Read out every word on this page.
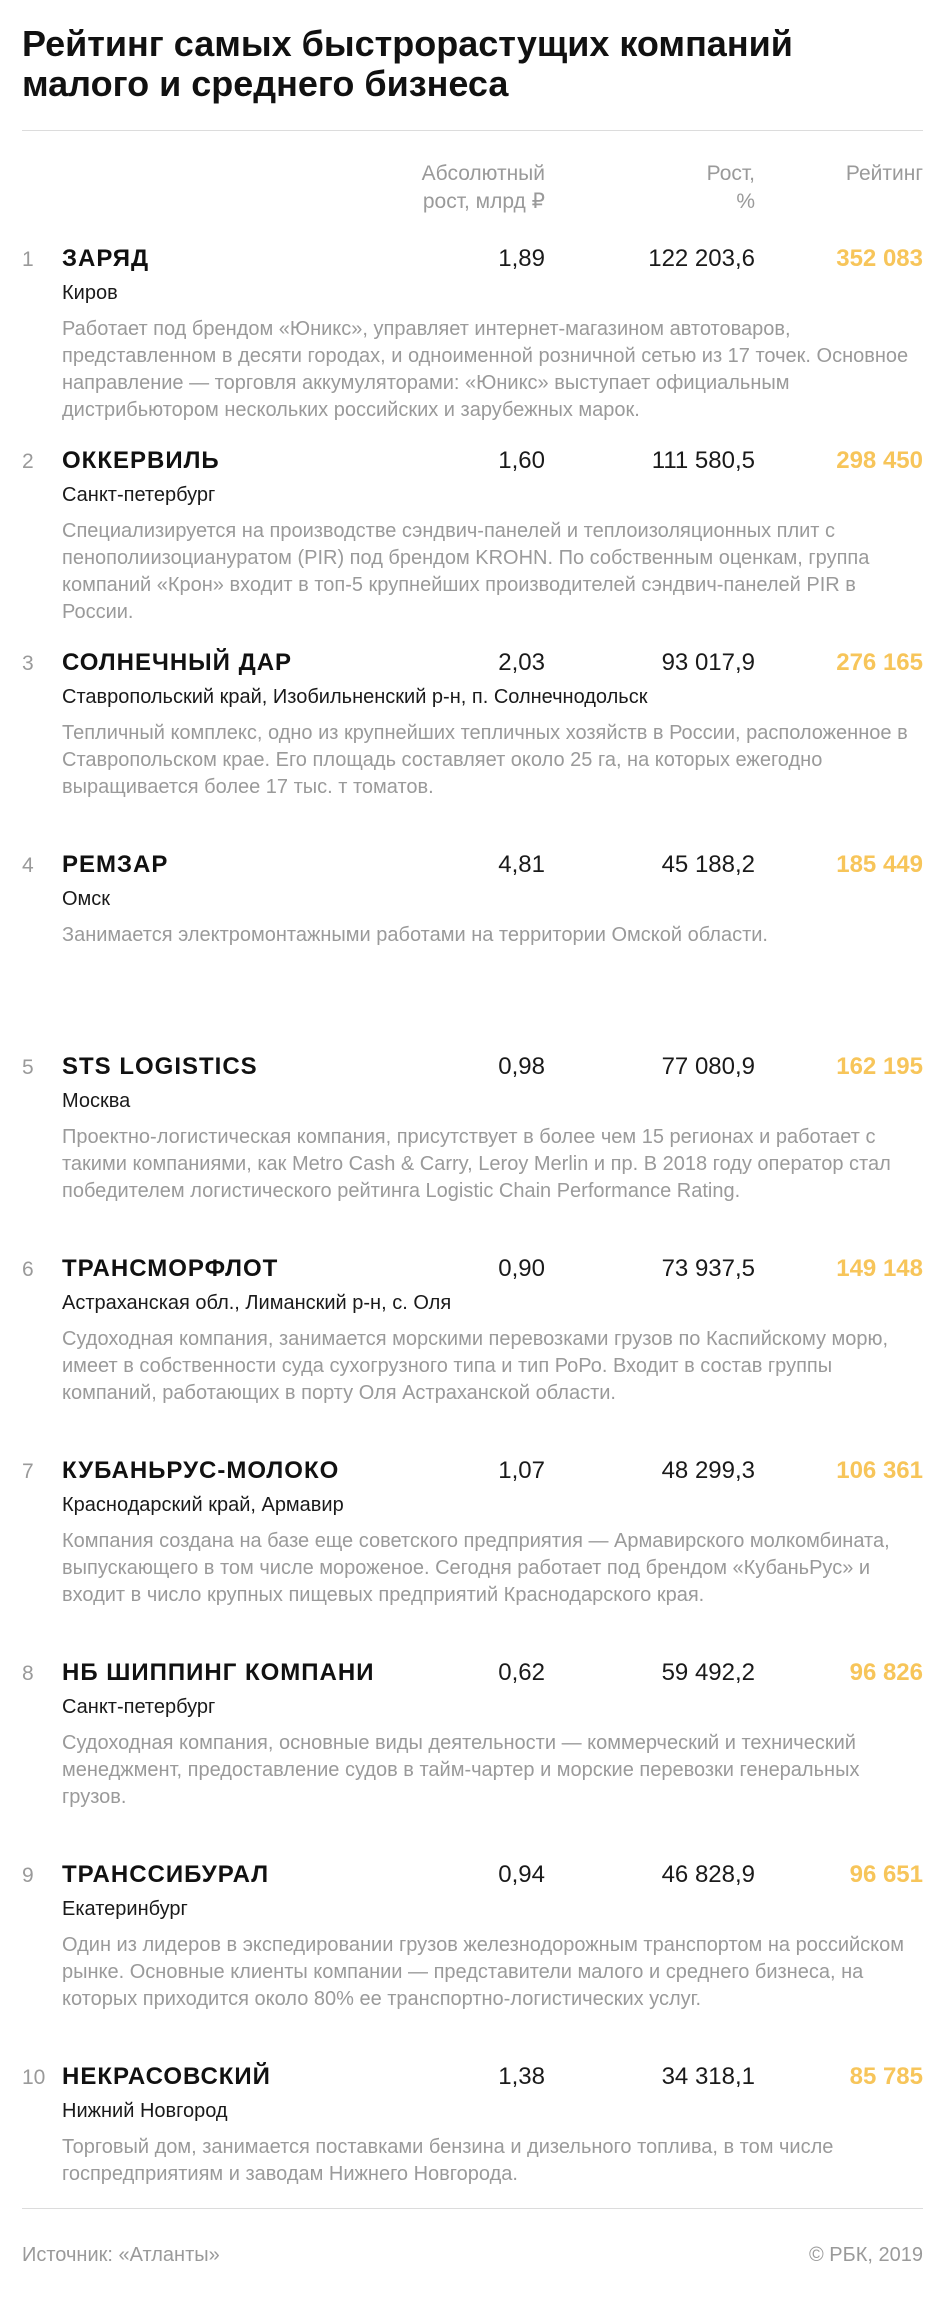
Рейтинг самых быстрорастущих компаний малого и среднего бизнеса
Абсолютный
рост, млрд ₽
Рост,
%
Рейтинг
1 ЗАРЯД	1,89	122 203,6	352 083
Киров
Работает под брендом «Юникс», управляет интернет-магазином автотоваров, представленном в десяти городах, и одноименной розничной сетью из 17 точек. Основное направление — торговля аккумуляторами: «Юникс» выступает официальным дистрибьютором нескольких российских и зарубежных марок.
2 ОККЕРВИЛЬ	1,60	111 580,5	298 450
Санкт-петербург
Специализируется на производстве сэндвич-панелей и теплоизоляционных плит с пенополиизоциануратом (PIR) под брендом KROHN. По собственным оценкам, группа компаний «Крон» входит в топ-5 крупнейших производителей сэндвич-панелей PIR в России.
3 СОЛНЕЧНЫЙ ДАР	2,03	93 017,9	276 165
Ставропольский край, Изобильненский р-н, п. Солнечнодольск
Тепличный комплекс, одно из крупнейших тепличных хозяйств в России, расположенное в Ставропольском крае. Его площадь составляет около 25 га, на которых ежегодно выращивается более 17 тыс. т томатов.
4 РЕМЗАР	4,81	45 188,2	185 449
Омск
Занимается электромонтажными работами на территории Омской области.
5 STS LOGISTICS	0,98	77 080,9	162 195
Москва
Проектно-логистическая компания, присутствует в более чем 15 регионах и работает с такими компаниями, как Metro Cash & Carry, Leroy Merlin и пр. В 2018 году оператор стал победителем логистического рейтинга Logistic Chain Performance Rating.
6 ТРАНСМОРФЛОТ	0,90	73 937,5	149 148
Астраханская обл., Лиманский р-н, с. Оля
Судоходная компания, занимается морскими перевозками грузов по Каспийскому морю, имеет в собственности суда сухогрузного типа и тип РоРо. Входит в состав группы компаний, работающих в порту Оля Астраханской области.
7 КУБАНЬРУС-МОЛОКО	1,07	48 299,3	106 361
Краснодарский край, Армавир
Компания создана на базе еще советского предприятия — Армавирского молкомбината, выпускающего в том числе мороженое. Сегодня работает под брендом «КубаньРус» и входит в число крупных пищевых предприятий Краснодарского края.
8 НБ ШИППИНГ КОМПАНИ	0,62	59 492,2	96 826
Санкт-петербург
Судоходная компания, основные виды деятельности — коммерческий и технический менеджмент, предоставление судов в тайм-чартер и морские перевозки генеральных грузов.
9 ТРАНССИБУРАЛ	0,94	46 828,9	96 651
Екатеринбург
Один из лидеров в экспедировании грузов железнодорожным транспортом на российском рынке. Основные клиенты компании — представители малого и среднего бизнеса, на которых приходится около 80% ее транспортно-логистических услуг.
10 НЕКРАСОВСКИЙ	1,38	34 318,1	85 785
Нижний Новгород
Торговый дом, занимается поставками бензина и дизельного топлива, в том числе госпредприятиям и заводам Нижнего Новгорода.
Источник: «Атланты»	© РБК, 2019
